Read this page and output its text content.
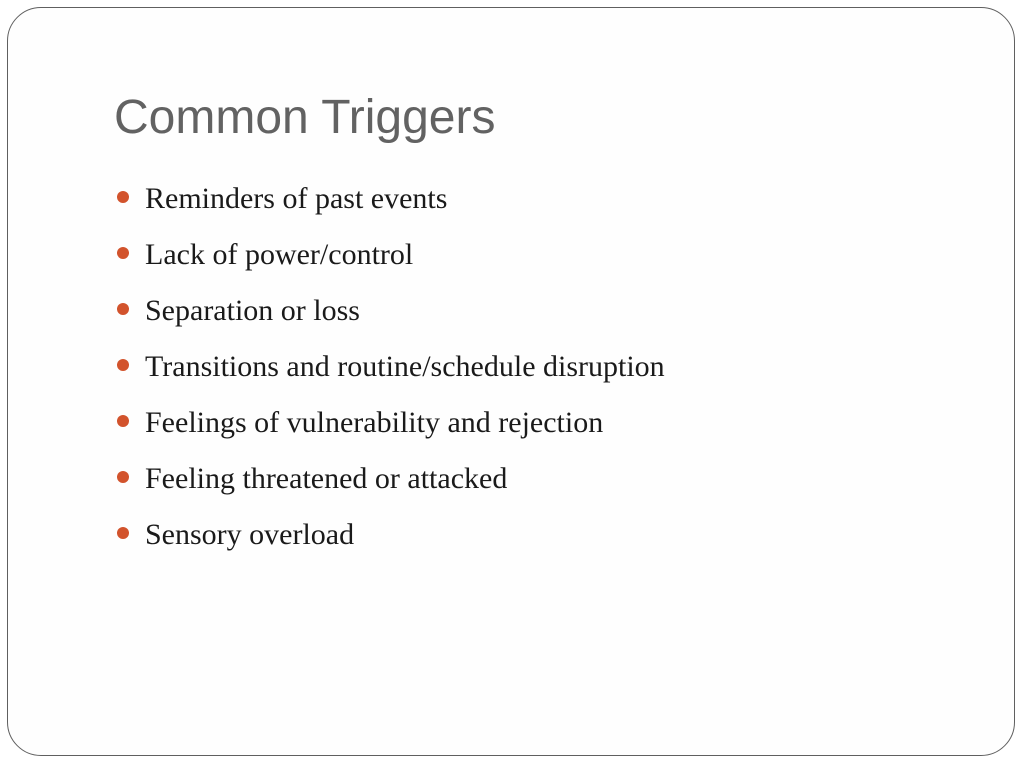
Common Triggers
Reminders of past events
Lack of power/control
Separation or loss
Transitions and routine/schedule disruption
Feelings of vulnerability and rejection
Feeling threatened or attacked
Sensory overload
